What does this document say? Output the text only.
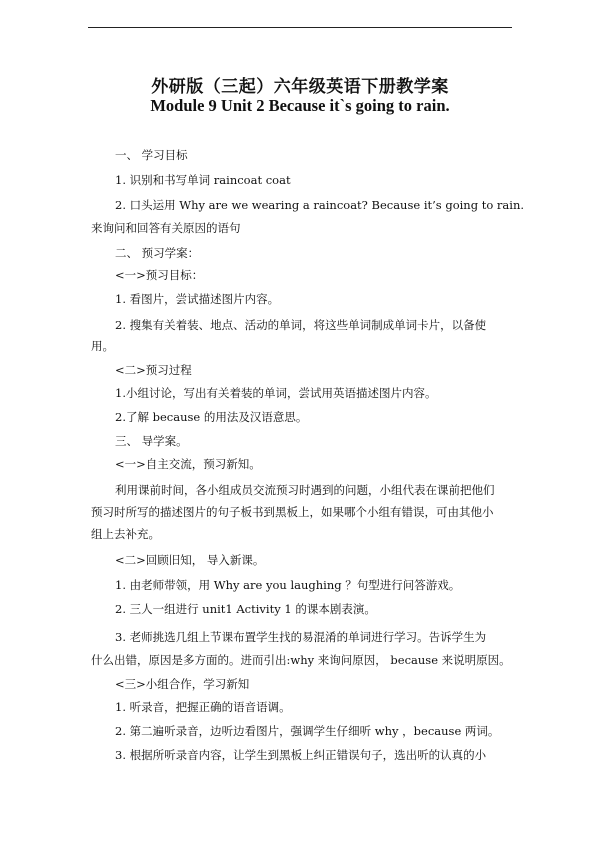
外研版（三起）六年级英语下册教学案
Module 9 Unit 2 Because it`s going to rain.
一、 学习目标
1. 识别和书写单词 raincoat coat
2. 口头运用 Why are we wearing a raincoat? Because it’s going to rain.
来询问和回答有关原因的语句
二、 预习学案：
<一>预习目标：
1. 看图片，尝试描述图片内容。
2. 搜集有关着装、地点、活动的单词，将这些单词制成单词卡片，以备使
用。
<二>预习过程
1.小组讨论，写出有关着装的单词，尝试用英语描述图片内容。
2.了解 because 的用法及汉语意思。
三、 导学案。
<一>自主交流，预习新知。
利用课前时间，各小组成员交流预习时遇到的问题，小组代表在课前把他们
预习时所写的描述图片的句子板书到黑板上，如果哪个小组有错误，可由其他小
组上去补充。
<二>回顾旧知， 导入新课。
1. 由老师带领，用 Why are you laughing ？句型进行问答游戏。
2. 三人一组进行 unit1 Activity 1 的课本剧表演。
3. 老师挑选几组上节课布置学生找的易混淆的单词进行学习。告诉学生为
什么出错，原因是多方面的。进而引出:why 来询问原因， because 来说明原因。
<三>小组合作，学习新知
1. 听录音，把握正确的语音语调。
2. 第二遍听录音，边听边看图片，强调学生仔细听 why ，because 两词。
3. 根据所听录音内容，让学生到黑板上纠正错误句子，选出听的认真的小
